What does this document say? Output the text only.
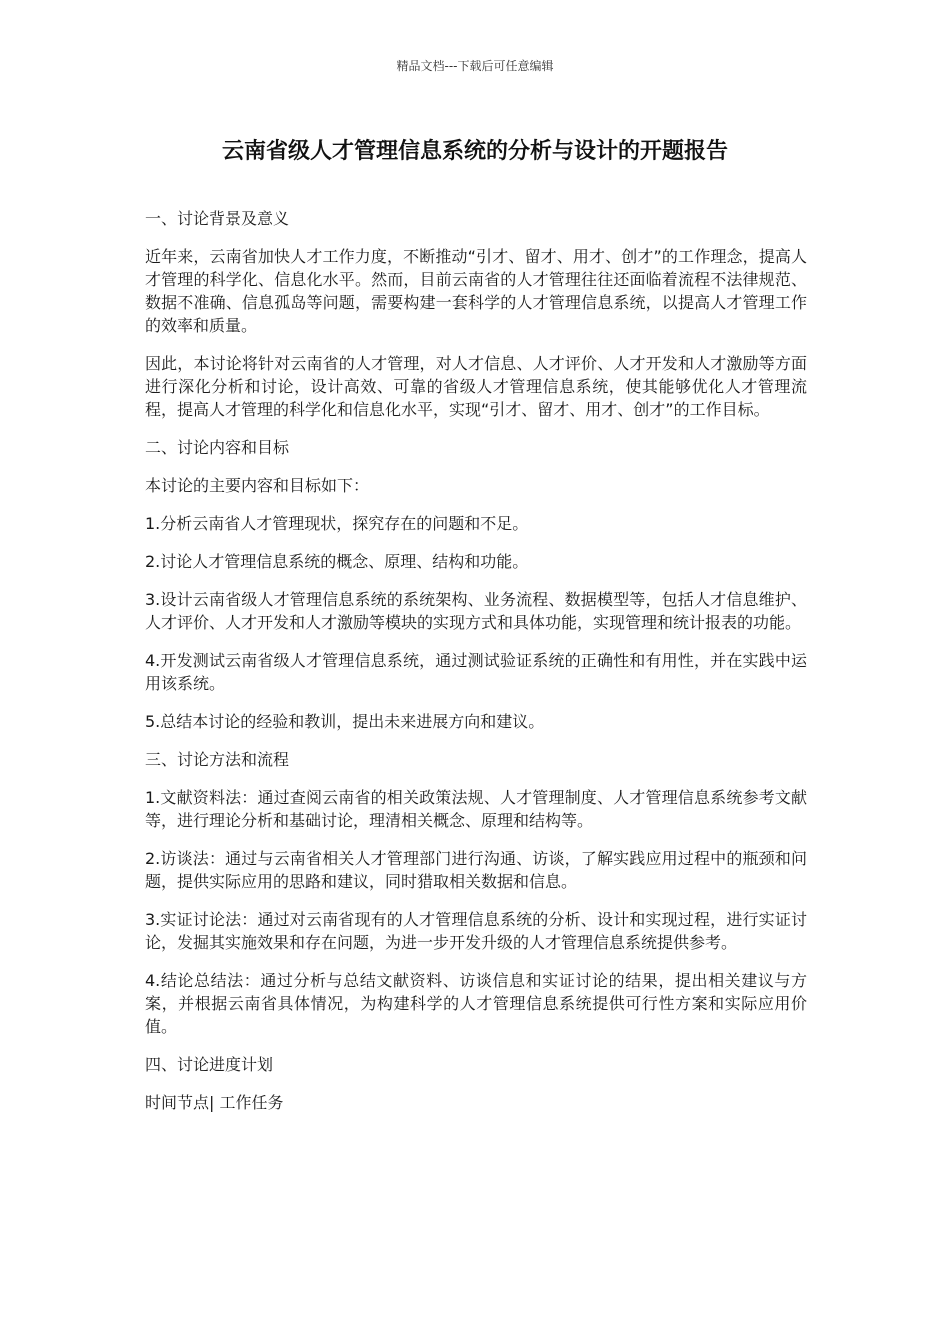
精品文档---下载后可任意编辑
云南省级人才管理信息系统的分析与设计的开题报告

一、讨论背景及意义

近年来，云南省加快人才工作力度，不断推动“引才、留才、用才、创才”的工作理念，提高人才管理的科学化、信息化水平。然而，目前云南省的人才管理往往还面临着流程不法律规范、数据不准确、信息孤岛等问题，需要构建一套科学的人才管理信息系统，以提高人才管理工作的效率和质量。

因此，本讨论将针对云南省的人才管理，对人才信息、人才评价、人才开发和人才激励等方面进行深化分析和讨论，设计高效、可靠的省级人才管理信息系统，使其能够优化人才管理流程，提高人才管理的科学化和信息化水平，实现“引才、留才、用才、创才”的工作目标。

二、讨论内容和目标

本讨论的主要内容和目标如下：

1.分析云南省人才管理现状，探究存在的问题和不足。

2.讨论人才管理信息系统的概念、原理、结构和功能。

3.设计云南省级人才管理信息系统的系统架构、业务流程、数据模型等，包括人才信息维护、人才评价、人才开发和人才激励等模块的实现方式和具体功能，实现管理和统计报表的功能。

4.开发测试云南省级人才管理信息系统，通过测试验证系统的正确性和有用性，并在实践中运用该系统。

5.总结本讨论的经验和教训，提出未来进展方向和建议。

三、讨论方法和流程

1.文献资料法：通过查阅云南省的相关政策法规、人才管理制度、人才管理信息系统参考文献等，进行理论分析和基础讨论，理清相关概念、原理和结构等。

2.访谈法：通过与云南省相关人才管理部门进行沟通、访谈，了解实践应用过程中的瓶颈和问题，提供实际应用的思路和建议，同时猎取相关数据和信息。

3.实证讨论法：通过对云南省现有的人才管理信息系统的分析、设计和实现过程，进行实证讨论，发掘其实施效果和存在问题，为进一步开发升级的人才管理信息系统提供参考。

4.结论总结法：通过分析与总结文献资料、访谈信息和实证讨论的结果，提出相关建议与方案，并根据云南省具体情况，为构建科学的人才管理信息系统提供可行性方案和实际应用价值。

四、讨论进度计划

时间节点| 工作任务
